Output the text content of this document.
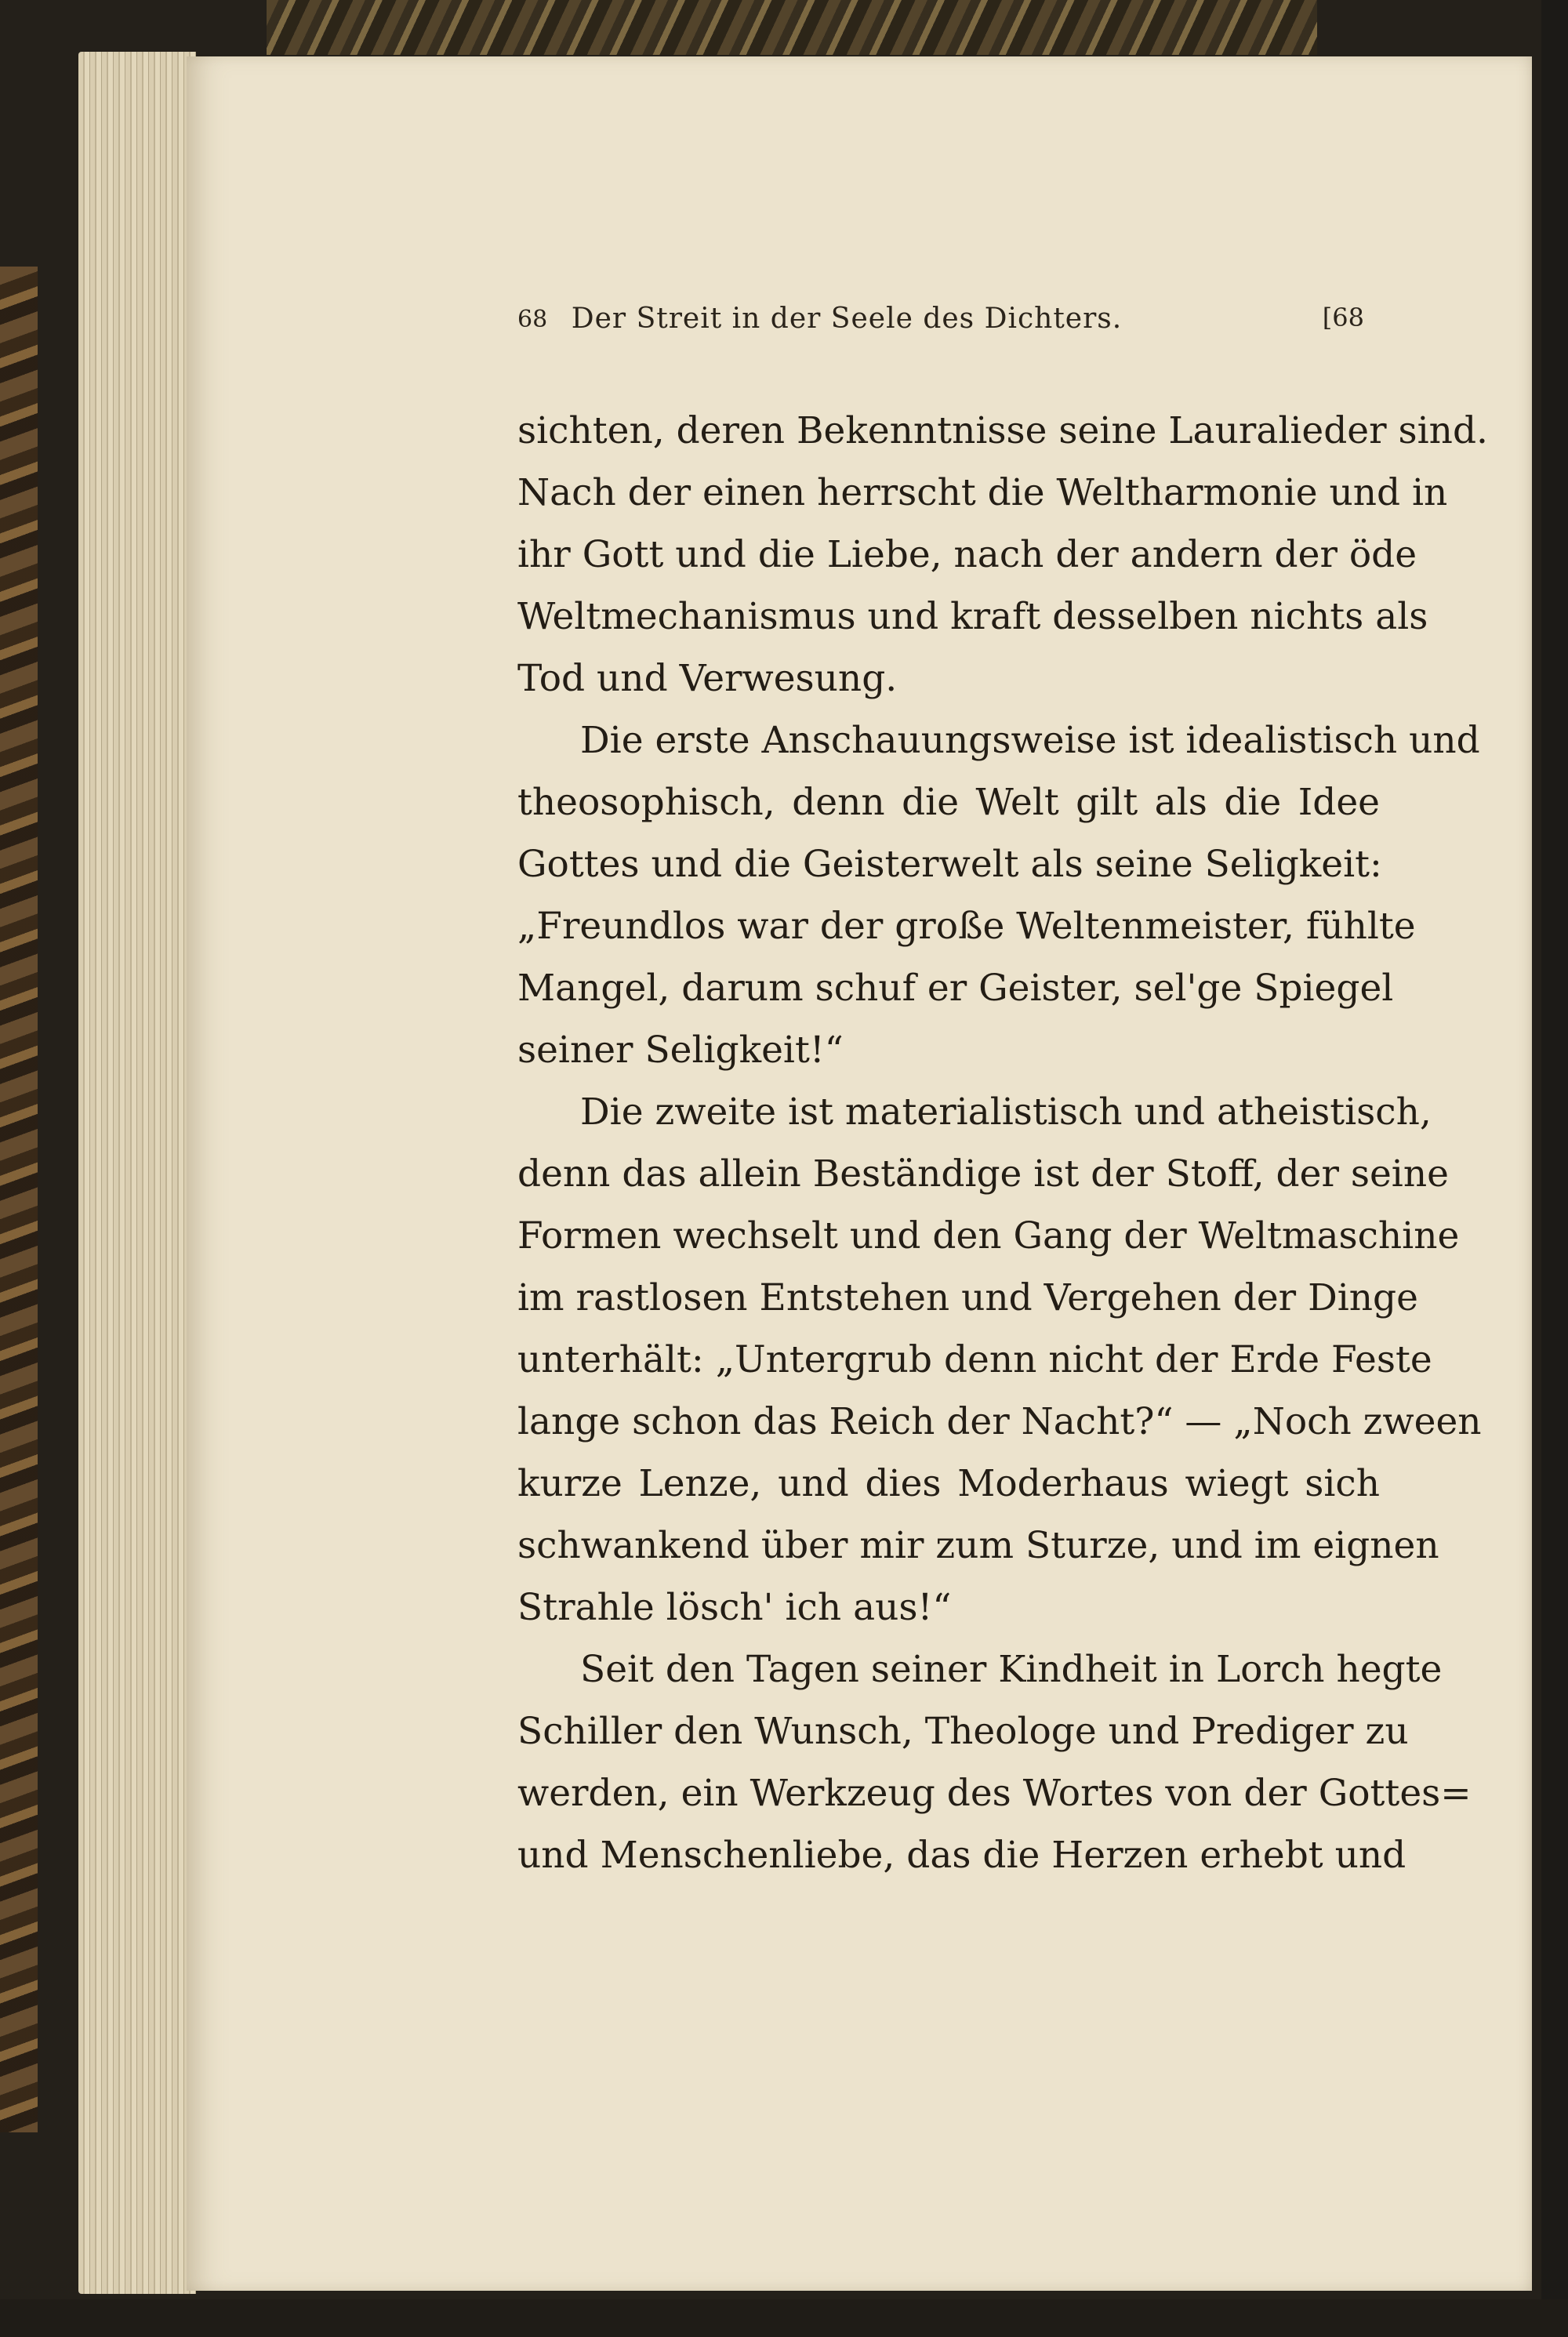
68 Der Streit in der Seele des Dichters.	[68
sichten, deren Bekenntnisse seine Lauralieder sind.
Nach der einen herrscht die Weltharmonie und in
ihr Gott und die Liebe, nach der andern der öde
Weltmechanismus und kraft desselben nichts als
Tod und Verwesung.
Die erste Anschauungsweise ist idealistisch und
theosophisch, denn die Welt gilt als die Idee
Gottes und die Geisterwelt als seine Seligkeit:
„Freundlos war der große Weltenmeister, fühlte
Mangel, darum schuf er Geister, sel'ge Spiegel
seiner Seligkeit!“
Die zweite ist materialistisch und atheistisch,
denn das allein Beständige ist der Stoff, der seine
Formen wechselt und den Gang der Weltmaschine
im rastlosen Entstehen und Vergehen der Dinge
unterhält: „Untergrub denn nicht der Erde Feste
lange schon das Reich der Nacht?“ — „Noch zween
kurze Lenze, und dies Moderhaus wiegt sich
schwankend über mir zum Sturze, und im eignen
Strahle lösch' ich aus!“
Seit den Tagen seiner Kindheit in Lorch hegte
Schiller den Wunsch, Theologe und Prediger zu
werden, ein Werkzeug des Wortes von der Gottes=
und Menschenliebe, das die Herzen erhebt und
